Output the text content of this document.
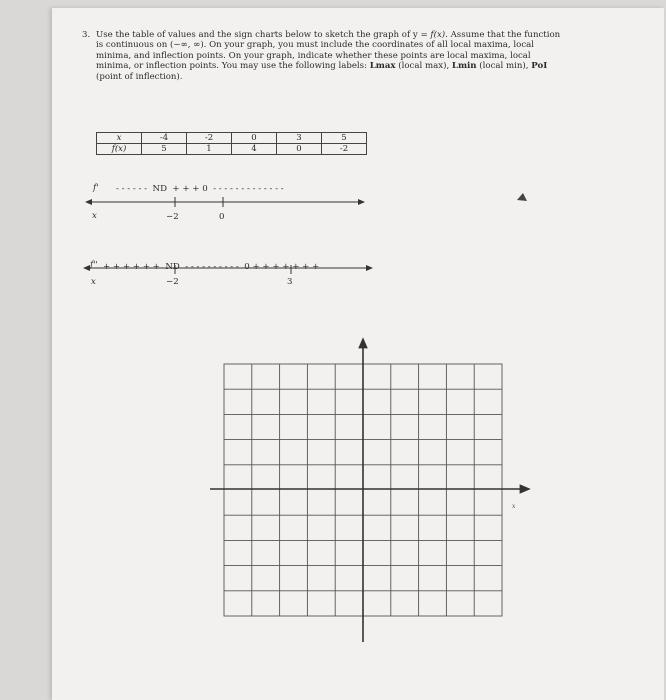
3. Use the table of values and the sign charts below to sketch the graph of y = f(x). Assume that the function is continuous on (−∞, ∞). On your graph, you must include the coordinates of all local maxima, local minima, and inflection points. On your graph, indicate whether these points are local maxima, local minima, or inflection points. You may use the following labels: Lmax (local max), Lmin (local min), PoI (point of inflection).
x	-4	-2	0	3	5
f(x)	5	1	4	0	-2
f' - - - - - -  ND  + + + 0  - - - - - - - - - - - - -
x	−2	0
f'' + + + + + +  ND  - - - - - - - - - -  0 + + + + + + +
x	−2	3
x
